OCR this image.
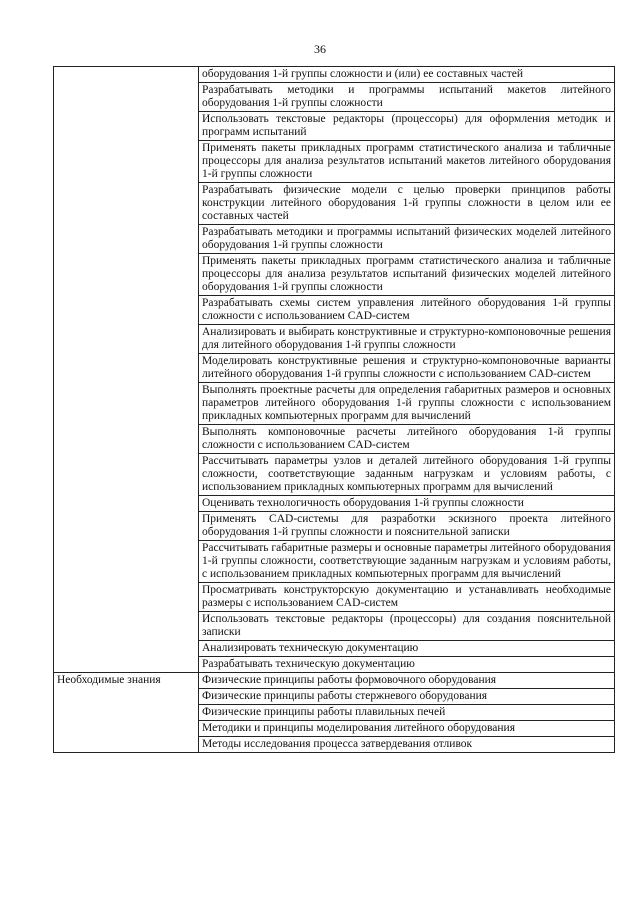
36
	оборудования 1-й группы сложности и (или) ее составных частей
	Разрабатывать методики и программы испытаний макетов литейного оборудования 1-й группы сложности
	Использовать текстовые редакторы (процессоры) для оформления методик и программ испытаний
	Применять пакеты прикладных программ статистического анализа и табличные процессоры для анализа результатов испытаний макетов литейного оборудования 1-й группы сложности
	Разрабатывать физические модели с целью проверки принципов работы конструкции литейного оборудования 1-й группы сложности в целом или ее составных частей
	Разрабатывать методики и программы испытаний физических моделей литейного оборудования 1-й группы сложности
	Применять пакеты прикладных программ статистического анализа и табличные процессоры для анализа результатов испытаний физических моделей литейного оборудования 1-й группы сложности
	Разрабатывать схемы систем управления литейного оборудования 1-й группы сложности с использованием CAD-систем
	Анализировать и выбирать конструктивные и структурно-компоновочные решения для литейного оборудования 1-й группы сложности
	Моделировать конструктивные решения и структурно-компоновочные варианты литейного оборудования 1-й группы сложности с использованием CAD-систем
	Выполнять проектные расчеты для определения габаритных размеров и основных параметров литейного оборудования 1-й группы сложности с использованием прикладных компьютерных программ для вычислений
	Выполнять компоновочные расчеты литейного оборудования 1-й группы сложности с использованием CAD-систем
	Рассчитывать параметры узлов и деталей литейного оборудования 1-й группы сложности, соответствующие заданным нагрузкам и условиям работы, с использованием прикладных компьютерных программ для вычислений
	Оценивать технологичность оборудования 1-й группы сложности
	Применять CAD-системы для разработки эскизного проекта литейного оборудования 1-й группы сложности и пояснительной записки
	Рассчитывать габаритные размеры и основные параметры литейного оборудования 1-й группы сложности, соответствующие заданным нагрузкам и условиям работы, с использованием прикладных компьютерных программ для вычислений
	Просматривать конструкторскую документацию и устанавливать необходимые размеры с использованием CAD-систем
	Использовать текстовые редакторы (процессоры) для создания пояснительной записки
	Анализировать техническую документацию
	Разрабатывать техническую документацию
Необходимые знания	Физические принципы работы формовочного оборудования
	Физические принципы работы стержневого оборудования
	Физические принципы работы плавильных печей
	Методики и принципы моделирования литейного оборудования
	Методы исследования процесса затвердевания отливок
